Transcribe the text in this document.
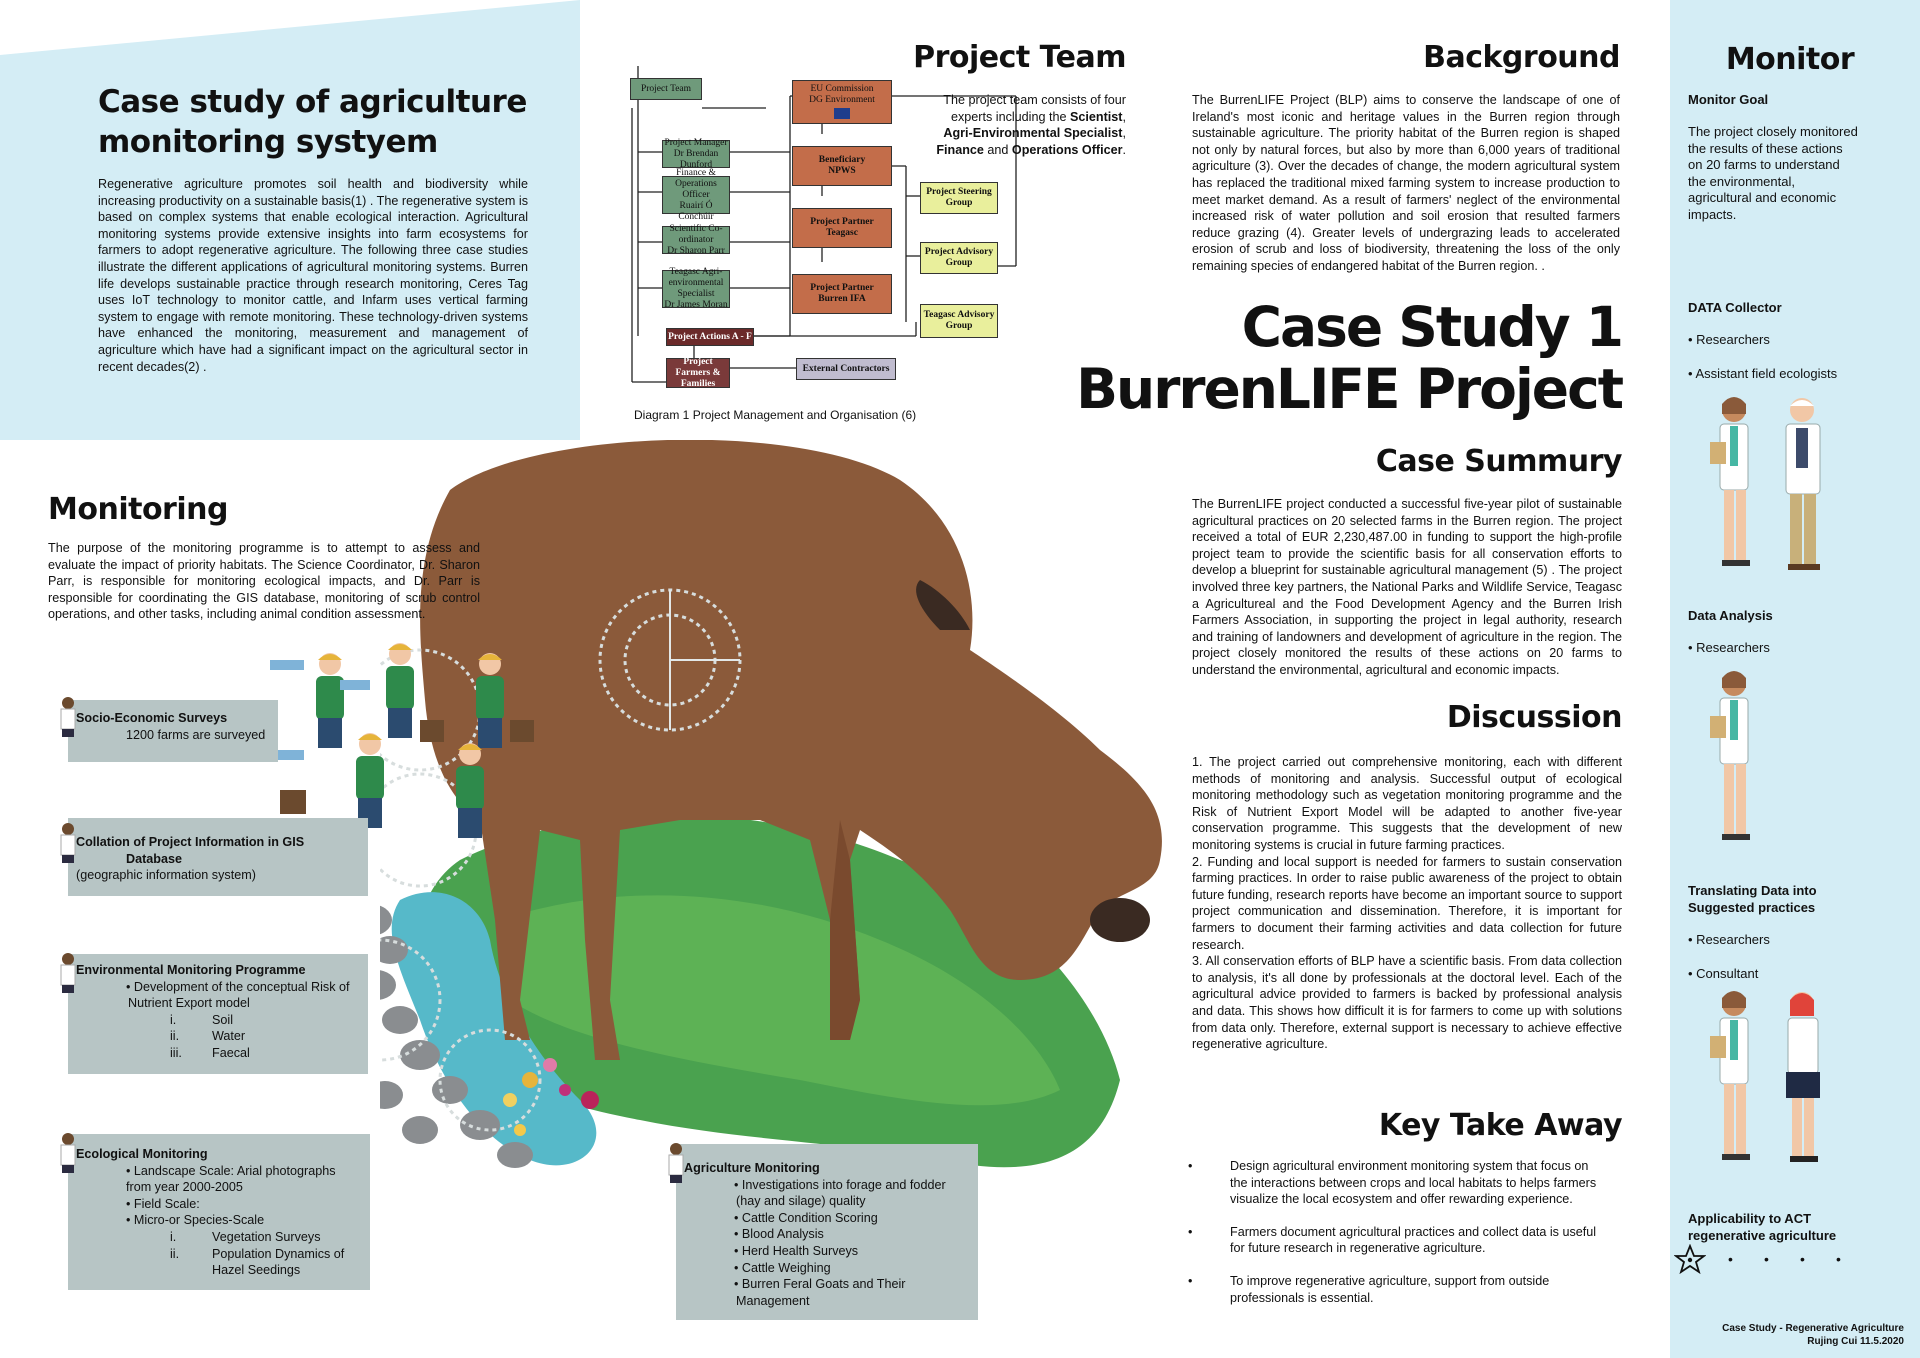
Case study of agriculture
monitoring systyem
Regenerative agriculture promotes soil health and biodiversity while increasing productivity on a sustainable basis(1) . The regenerative system is based on complex systems that enable ecological interaction. Agricultural monitoring systems provide extensive insights into farm ecosystems for farmers to adopt regenerative agriculture. The following three case studies illustrate the different applications of agricultural monitoring systems. Burren life develops sustainable practice through research monitoring, Ceres Tag uses IoT technology to monitor cattle, and Infarm uses vertical farming system to engage with remote monitoring. These technology-driven systems have enhanced the monitoring, measurement and management of agriculture which have had a significant impact on the agricultural sector in recent decades(2) .
Project Team	EU Commission
DG Environment
Project Manager
Dr Brendan Dunford
Finance & Operations
Officer
Ruairí Ó Conchúir
Scientific Co-ordinator
Dr Sharon Parr
Teagasc Agri-
environmental Specialist
Dr James Moran
Beneficiary
NPWS
Project Partner
Teagasc
Project Partner
Burren IFA
Project Steering
Group
Project Advisory
Group
Teagasc Advisory
Group
Project Actions A - F
Project Farmers &
Families
External Contractors
Diagram 1 Project Management and Organisation (6)
Project Team
The project team consists of four experts including the Scientist, Agri-Environmental Specialist, Finance and Operations Officer.
Background
The BurrenLIFE Project (BLP) aims to conserve the landscape of one of Ireland's most iconic and heritage values in the Burren region through sustainable agriculture. The priority habitat of the Burren region is shaped not only by natural forces, but also by more than 6,000 years of traditional agriculture (3). Over the decades of change, the modern agricultural system has replaced the traditional mixed farming system to increase production to meet market demand. As a result of farmers' neglect of the environmental increased risk of water pollution and soil erosion that resulted farmers reduce grazing (4). Greater levels of undergrazing leads to accelerated erosion of scrub and loss of biodiversity, threatening the loss of the only remaining species of endangered habitat of the Burren region. .
Case Study 1
BurrenLIFE Project
Case Summury
The BurrenLIFE project conducted a successful five-year pilot of sustainable agricultural practices on 20 selected farms in the Burren region. The project received a total of EUR 2,230,487.00 in funding to support the high-profile project team to provide the scientific basis for all conservation efforts to develop a blueprint for sustainable agricultural management (5) . The project involved three key partners, the National Parks and Wildlife Service, Teagasc a Agricultureal and the Food Development Agency and the Burren Irish Farmers Association, in supporting the project in legal authority, research and training of landowners and development of agriculture in the region. The project closely monitored the results of these actions on 20 farms to understand the environmental, agricultural and economic impacts.
Discussion
1. The project carried out comprehensive monitoring, each with different methods of monitoring and analysis. Successful output of ecological monitoring methodology such as vegetation monitoring programme and the Risk of Nutrient Export Model will be adapted to another five-year conservation programme. This suggests that the development of new monitoring systems is crucial in future farming practices.
2. Funding and local support is needed for farmers to sustain conservation farming practices. In order to raise public awareness of the project to obtain future funding, research reports have become an important source to support project communication and dissemination. Therefore, it is important for farmers to document their farming activities and data collection for future research.
3. All conservation efforts of BLP have a scientific basis. From data collection to analysis, it's all done by professionals at the doctoral level. Each of the agricultural advice provided to farmers is backed by professional analysis and data. This shows how difficult it is for farmers to come up with solutions from data only. Therefore, external support is necessary to achieve effective regenerative agriculture.
Key Take Away
•	Design agricultural environment monitoring system that focus on the interactions between crops and local habitats to helps farmers visualize the local ecosystem and offer rewarding experience.
•	Farmers document agricultural practices and collect data is useful for future research in regenerative agriculture.
•	To improve regenerative agriculture, support from outside professionals is essential.
Monitoring
The purpose of the monitoring programme is to attempt to assess and evaluate the impact of priority habitats. The Science Coordinator, Dr. Sharon Parr, is responsible for monitoring ecological impacts, and Dr. Parr is responsible for coordinating the GIS database, monitoring of scrub control operations, and other tasks, including animal condition assessment.
Socio-Economic Surveys
1200 farms are surveyed
Collation of Project Information in GIS
Database
(geographic information system)
Environmental Monitoring Programme
• Development of the conceptual Risk of
Nutrient Export model
i.	Soil
ii.	Water
iii.	Faecal
Ecological Monitoring
• Landscape Scale: Arial photographs
from year 2000-2005
• Field Scale:
• Micro-or Species-Scale
i.	Vegetation Surveys
ii.	Population Dynamics of
Hazel Seedings
Agriculture Monitoring
• Investigations into forage and fodder
(hay and silage) quality
• Cattle Condition Scoring
• Blood Analysis
• Herd Health Surveys
• Cattle Weighing
• Burren Feral Goats and Their
Management
Monitor
Monitor Goal
The project closely monitored the results of these actions on 20 farms to understand the environmental, agricultural and economic impacts.
DATA Collector
• Researchers
• Assistant field ecologists
Data Analysis
• Researchers
Translating Data into
Suggested practices
• Researchers
• Consultant
Applicability to ACT
regenerative agriculture
•        •        •        •
Case Study - Regenerative Agriculture
Rujing Cui 11.5.2020
